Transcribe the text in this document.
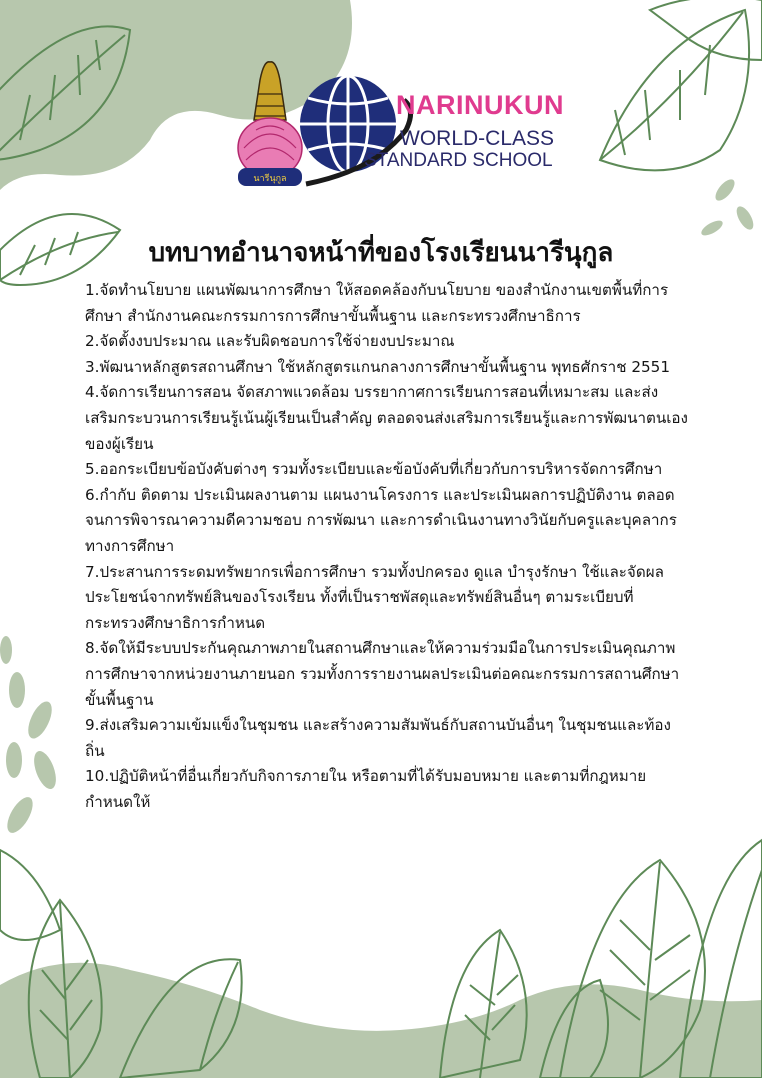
นารีนุกูล
NARINUKUN
WORLD-CLASS
STANDARD SCHOOL
บทบาทอำนาจหน้าที่ของโรงเรียนนารีนุกูล

1.จัดทำนโยบาย แผนพัฒนาการศึกษา ให้สอดคล้องกับนโยบาย ของสำนักงานเขตพื้นที่การศึกษา สำนักงานคณะกรรมการการศึกษาขั้นพื้นฐาน และกระทรวงศึกษาธิการ

2.จัดตั้งงบประมาณ และรับผิดชอบการใช้จ่ายงบประมาณ

3.พัฒนาหลักสูตรสถานศึกษา ใช้หลักสูตรแกนกลางการศึกษาขั้นพื้นฐาน พุทธศักราช 2551

4.จัดการเรียนการสอน จัดสภาพแวดล้อม บรรยากาศการเรียนการสอนที่เหมาะสม และส่งเสริมกระบวนการเรียนรู้เน้นผู้เรียนเป็นสำคัญ ตลอดจนส่งเสริมการเรียนรู้และการพัฒนาตนเองของผู้เรียน

5.ออกระเบียบข้อบังคับต่างๆ รวมทั้งระเบียบและข้อบังคับที่เกี่ยวกับการบริหารจัดการศึกษา

6.กำกับ ติดตาม ประเมินผลงานตาม แผนงานโครงการ และประเมินผลการปฏิบัติงาน ตลอดจนการพิจารณาความดีความชอบ การพัฒนา และการดำเนินงานทางวินัยกับครูและบุคลากรทางการศึกษา

7.ประสานการระดมทรัพยากรเพื่อการศึกษา รวมทั้งปกครอง ดูแล บำรุงรักษา ใช้และจัดผลประโยชน์จากทรัพย์สินของโรงเรียน ทั้งที่เป็นราชพัสดุและทรัพย์สินอื่นๆ ตามระเบียบที่กระทรวงศึกษาธิการกำหนด

8.จัดให้มีระบบประกันคุณภาพภายในสถานศึกษาและให้ความร่วมมือในการประเมินคุณภาพการศึกษาจากหน่วยงานภายนอก รวมทั้งการรายงานผลประเมินต่อคณะกรรมการสถานศึกษาขั้นพื้นฐาน

9.ส่งเสริมความเข้มแข็งในชุมชน และสร้างความสัมพันธ์กับสถานบันอื่นๆ ในชุมชนและท้องถิ่น

10.ปฏิบัติหน้าที่อื่นเกี่ยวกับกิจการภายใน หรือตามที่ได้รับมอบหมาย และตามที่กฎหมายกำหนดให้
